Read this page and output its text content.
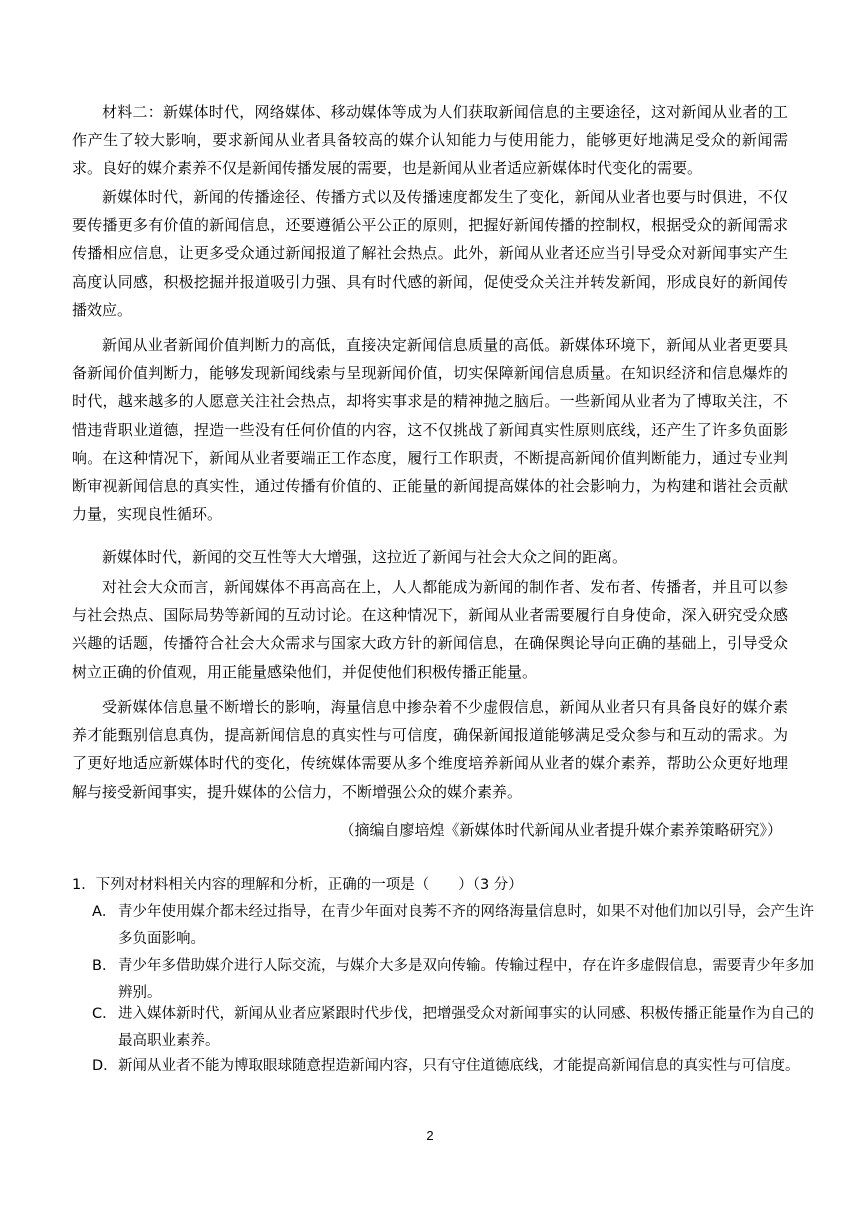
材料二：新媒体时代，网络媒体、移动媒体等成为人们获取新闻信息的主要途径，这对新闻从业者的工作产生了较大影响，要求新闻从业者具备较高的媒介认知能力与使用能力，能够更好地满足受众的新闻需求。良好的媒介素养不仅是新闻传播发展的需要，也是新闻从业者适应新媒体时代变化的需要。

新媒体时代，新闻的传播途径、传播方式以及传播速度都发生了变化，新闻从业者也要与时俱进，不仅要传播更多有价值的新闻信息，还要遵循公平公正的原则，把握好新闻传播的控制权，根据受众的新闻需求传播相应信息，让更多受众通过新闻报道了解社会热点。此外，新闻从业者还应当引导受众对新闻事实产生高度认同感，积极挖掘并报道吸引力强、具有时代感的新闻，促使受众关注并转发新闻，形成良好的新闻传播效应。

新闻从业者新闻价值判断力的高低，直接决定新闻信息质量的高低。新媒体环境下，新闻从业者更要具备新闻价值判断力，能够发现新闻线索与呈现新闻价值，切实保障新闻信息质量。在知识经济和信息爆炸的时代，越来越多的人愿意关注社会热点，却将实事求是的精神抛之脑后。一些新闻从业者为了博取关注，不惜违背职业道德，捏造一些没有任何价值的内容，这不仅挑战了新闻真实性原则底线，还产生了许多负面影响。在这种情况下，新闻从业者要端正工作态度，履行工作职责，不断提高新闻价值判断能力，通过专业判断审视新闻信息的真实性，通过传播有价值的、正能量的新闻提高媒体的社会影响力，为构建和谐社会贡献力量，实现良性循环。

新媒体时代，新闻的交互性等大大增强，这拉近了新闻与社会大众之间的距离。

对社会大众而言，新闻媒体不再高高在上，人人都能成为新闻的制作者、发布者、传播者，并且可以参与社会热点、国际局势等新闻的互动讨论。在这种情况下，新闻从业者需要履行自身使命，深入研究受众感兴趣的话题，传播符合社会大众需求与国家大政方针的新闻信息，在确保舆论导向正确的基础上，引导受众树立正确的价值观，用正能量感染他们，并促使他们积极传播正能量。

受新媒体信息量不断增长的影响，海量信息中掺杂着不少虚假信息，新闻从业者只有具备良好的媒介素养才能甄别信息真伪，提高新闻信息的真实性与可信度，确保新闻报道能够满足受众参与和互动的需求。为了更好地适应新媒体时代的变化，传统媒体需要从多个维度培养新闻从业者的媒介素养，帮助公众更好地理解与接受新闻事实，提升媒体的公信力，不断增强公众的媒介素养。

（摘编自廖培煌《新媒体时代新闻从业者提升媒介素养策略研究》）

1．下列对材料相关内容的理解和分析，正确的一项是（　　）（3 分）

A． 青少年使用媒介都未经过指导，在青少年面对良莠不齐的网络海量信息时，如果不对他们加以引导，会产生许多负面影响。
B． 青少年多借助媒介进行人际交流，与媒介大多是双向传输。传输过程中，存在许多虚假信息，需要青少年多加辨别。
C． 进入媒体新时代，新闻从业者应紧跟时代步伐，把增强受众对新闻事实的认同感、积极传播正能量作为自己的最高职业素养。
D． 新闻从业者不能为博取眼球随意捏造新闻内容，只有守住道德底线，才能提高新闻信息的真实性与可信度。
2
